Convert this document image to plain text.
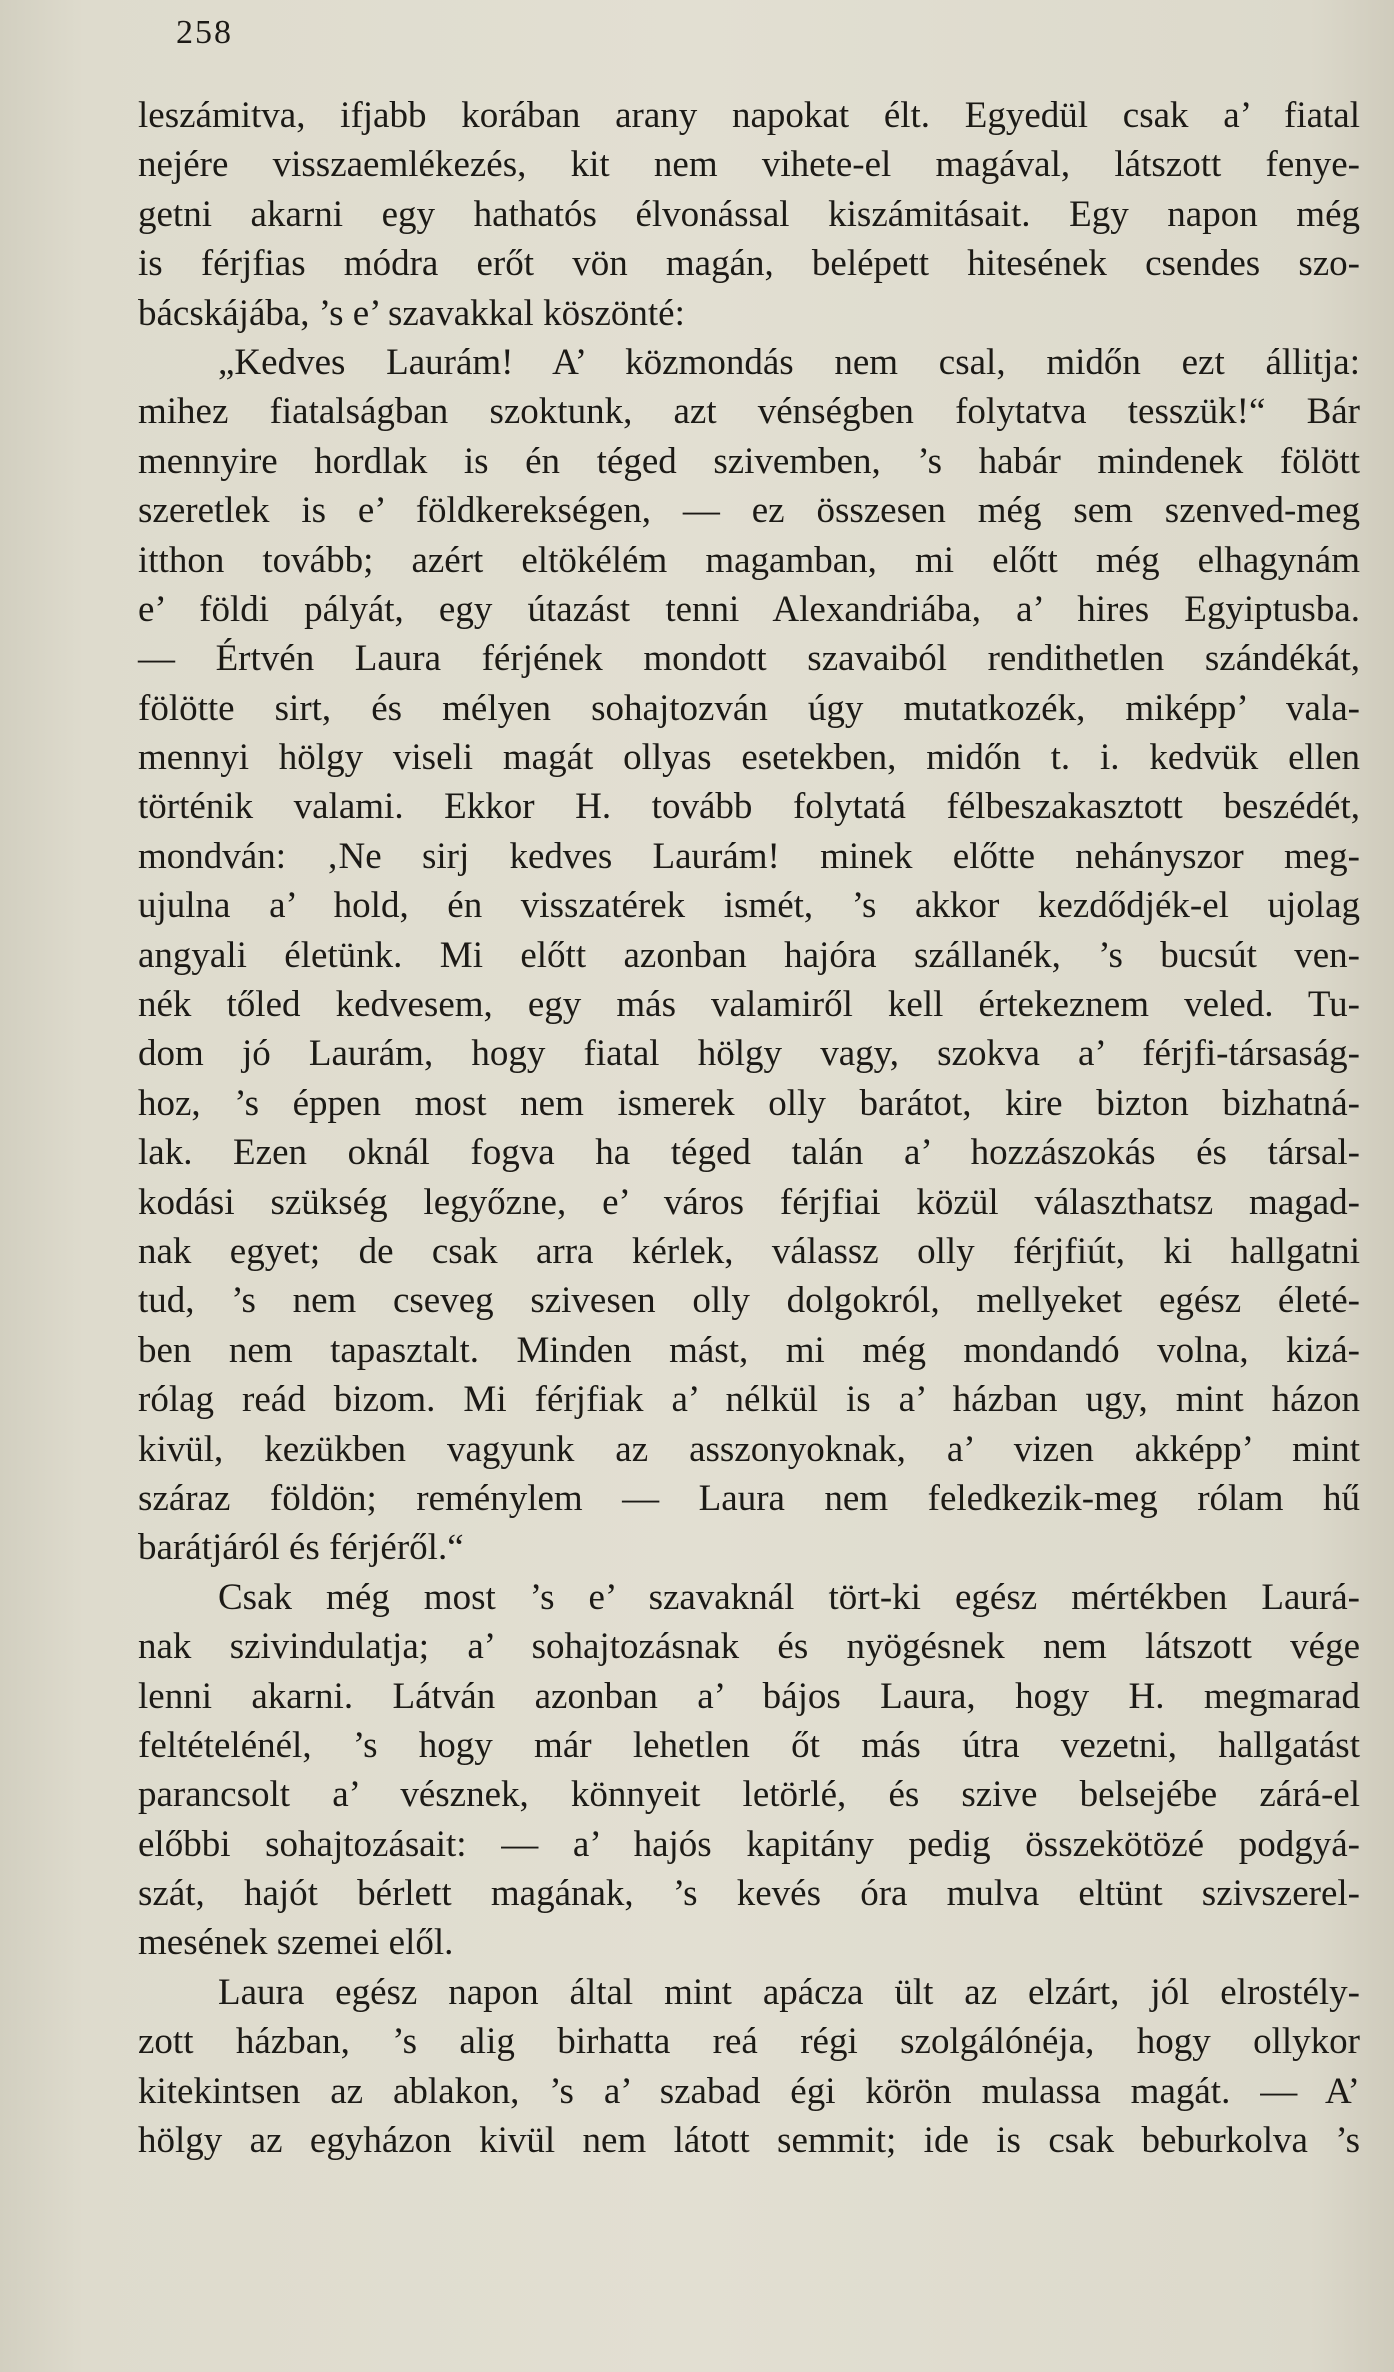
258
leszámitva, ifjabb korában arany napokat élt. Egyedül csak a’ fiatal
nejére visszaemlékezés, kit nem vihete-el magával, látszott fenye-
getni akarni egy hathatós élvonással kiszámitásait. Egy napon még
is férjfias módra erőt vön magán, belépett hitesének csendes szo-
bácskájába, ’s e’ szavakkal köszönté:
„Kedves Laurám! A’ közmondás nem csal, midőn ezt állitja:
mihez fiatalságban szoktunk, azt vénségben folytatva tesszük!“ Bár
mennyire hordlak is én téged szivemben, ’s habár mindenek fölött
szeretlek is e’ földkerekségen, — ez összesen még sem szenved-meg
itthon tovább; azért eltökélém magamban, mi előtt még elhagynám
e’ földi pályát, egy útazást tenni Alexandriába, a’ hires Egyiptusba.
— Értvén Laura férjének mondott szavaiból rendithetlen szándékát,
fölötte sirt, és mélyen sohajtozván úgy mutatkozék, miképp’ vala-
mennyi hölgy viseli magát ollyas esetekben, midőn t. i. kedvük ellen
történik valami. Ekkor H. tovább folytatá félbeszakasztott beszédét,
mondván: ‚Ne sirj kedves Laurám! minek előtte nehányszor meg-
ujulna a’ hold, én visszatérek ismét, ’s akkor kezdődjék-el ujolag
angyali életünk. Mi előtt azonban hajóra szállanék, ’s bucsút ven-
nék tőled kedvesem, egy más valamiről kell értekeznem veled. Tu-
dom jó Laurám, hogy fiatal hölgy vagy, szokva a’ férjfi-társaság-
hoz, ’s éppen most nem ismerek olly barátot, kire bizton bizhatná-
lak. Ezen oknál fogva ha téged talán a’ hozzászokás és társal-
kodási szükség legyőzne, e’ város férjfiai közül választhatsz magad-
nak egyet; de csak arra kérlek, válassz olly férjfiút, ki hallgatni
tud, ’s nem cseveg szivesen olly dolgokról, mellyeket egész életé-
ben nem tapasztalt. Minden mást, mi még mondandó volna, kizá-
rólag reád bizom. Mi férjfiak a’ nélkül is a’ házban ugy, mint házon
kivül, kezükben vagyunk az asszonyoknak, a’ vizen akképp’ mint
száraz földön; reménylem — Laura nem feledkezik-meg rólam hű
barátjáról és férjéről.“
Csak még most ’s e’ szavaknál tört-ki egész mértékben Laurá-
nak szivindulatja; a’ sohajtozásnak és nyögésnek nem látszott vége
lenni akarni. Látván azonban a’ bájos Laura, hogy H. megmarad
feltételénél, ’s hogy már lehetlen őt más útra vezetni, hallgatást
parancsolt a’ vésznek, könnyeit letörlé, és szive belsejébe zárá-el
előbbi sohajtozásait: — a’ hajós kapitány pedig összekötözé podgyá-
szát, hajót bérlett magának, ’s kevés óra mulva eltünt szivszerel-
mesének szemei elől.
Laura egész napon által mint apácza ült az elzárt, jól elrostély-
zott házban, ’s alig birhatta reá régi szolgálónéja, hogy ollykor
kitekintsen az ablakon, ’s a’ szabad égi körön mulassa magát. — A’
hölgy az egyházon kivül nem látott semmit; ide is csak beburkolva ’s
